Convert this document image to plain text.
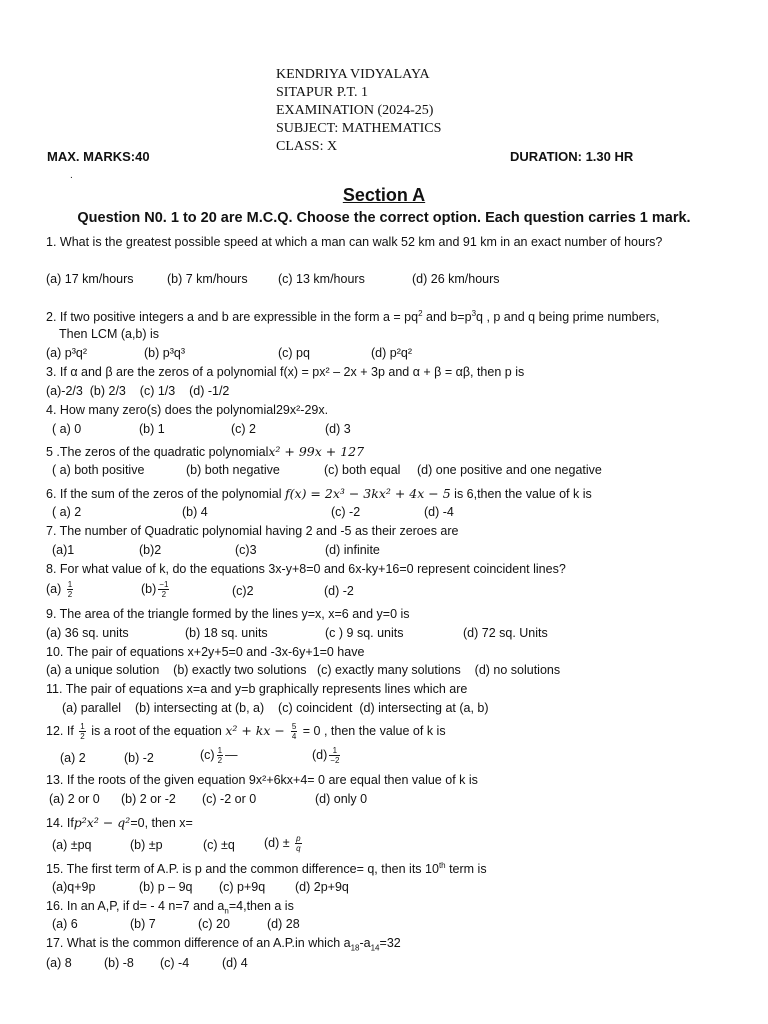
KENDRIYA VIDYALAYA
SITAPUR P.T. 1
EXAMINATION (2024-25)
SUBJECT: MATHEMATICS
CLASS: X
MAX. MARKS:40	DURATION: 1.30 HR
.
Section A
Question N0. 1 to 20 are M.C.Q. Choose the correct option. Each question carries 1 mark.
1. What is the greatest possible speed at which a man can walk 52 km and 91 km in an exact number of hours?
(a) 17 km/hours	(b) 7 km/hours (c) 13 km/hours	(d) 26 km/hours
2. If two positive integers a and b are expressible in the form $a = pq^2$ and $b=p^3q$ , p and q being prime numbers,
Then LCM (a,b) is
(a) p³q²	(b) p³q³	(c) pq	(d) p²q²
3. If α and β are the zeros of a polynomial f(x) = px² – 2x + 3p and α + β = αβ, then p is
(a)-2/3  (b) 2/3    (c) 1/3    (d) -1/2
4. How many zero(s) does the polynomial29x²-29x.
( a) 0	(b) 1	(c) 2	(d) 3
5 .The zeros of the quadratic polynomialx² + 99x + 127
( a) both positive	(b) both negative	(c) both equal (d) one positive and one negative
6. If the sum of the zeros of the polynomial f(x) = 2x³ − 3kx² + 4x − 5 is 6,then the value of k is
( a) 2	(b) 4	(c) -2	(d) -4
7. The number of Quadratic polynomial having 2 and -5 as their zeroes are
(a)1	(b)2	(c)3	(d) infinite
8. For what value of k, do the equations 3x-y+8=0 and 6x-ky+16=0 represent coincident lines?
$(a) \frac{1}{2}$	$(b) \frac{-1}{2}$	(c)2	(d) -2
9. The area of the triangle formed by the lines y=x, x=6 and y=0 is
(a) 36 sq. units	(b) 18 sq. units	(c ) 9 sq. units	(d) 72 sq. Units
10. The pair of equations x+2y+5=0 and -3x-6y+1=0 have
(a) a unique solution    (b) exactly two solutions   (c) exactly many solutions    (d) no solutions
11. The pair of equations x=a and y=b graphically represents lines which are
(a) parallel    (b) intersecting at (b, a)    (c) coincident  (d) intersecting at (a, b)
12. If $\frac{1}{2}$ is a root of the equation x² + kx − $\frac{5}{4} = 0$ , then the value of k is
(a) 2	(b) -2	$(c) \frac{1}{2}$ —	$(d) \frac{1}{-2}$
13. If the roots of the given equation 9x²+6kx+4= 0 are equal then value of k is
(a) 2 or 0 (b) 2 or -2 (c) -2 or 0	(d) only 0
14. Ifp²x² − q²=0, then x=
(a) ±pq	(b) ±p	(c) ±q $(d) \pm \frac{p}{q}$
15. The first term of A.P. is p and the common difference= q, then its 10th term is
(a)q+9p	(b) p – 9q (c) p+9q (d) 2p+9q
16. In an A,P, if d= - 4 n=7 and $a_n=4,then$ a is
(a) 6	(b) 7	(c) 20	(d) 28
17. What is the common difference of an A.P.in which $a_{18}-a_{14}=32$
(a) 8	(b) -8 (c) -4	(d) 4
